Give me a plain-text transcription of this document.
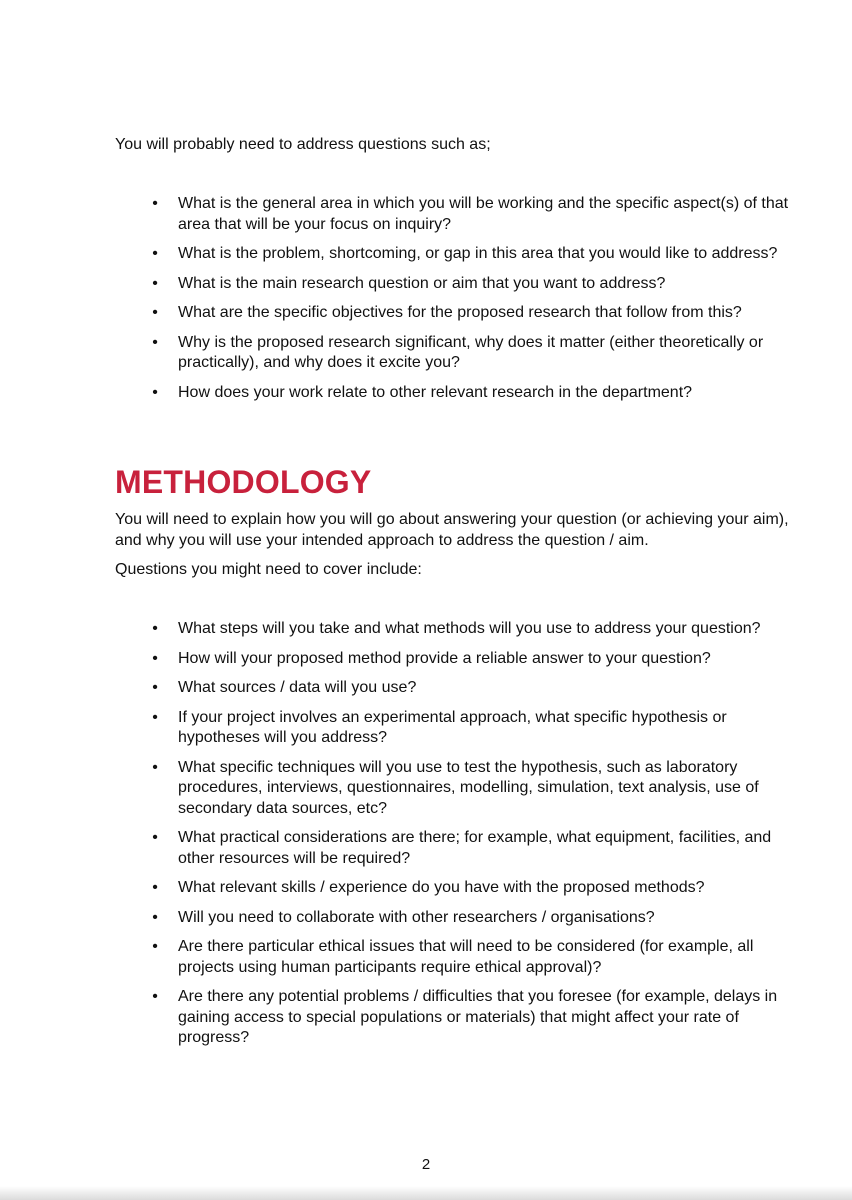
You will probably need to address questions such as;
• What is the general area in which you will be working and the specific aspect(s) of that area that will be your focus on inquiry?
• What is the problem, shortcoming, or gap in this area that you would like to address?
• What is the main research question or aim that you want to address?
• What are the specific objectives for the proposed research that follow from this?
• Why is the proposed research significant, why does it matter (either theoretically or practically), and why does it excite you?
• How does your work relate to other relevant research in the department?
METHODOLOGY

You will need to explain how you will go about answering your question (or achieving your aim), and why you will use your intended approach to address the question / aim.

Questions you might need to cover include:

• What steps will you take and what methods will you use to address your question?
• How will your proposed method provide a reliable answer to your question?
• What sources / data will you use?
• If your project involves an experimental approach, what specific hypothesis or hypotheses will you address?
• What specific techniques will you use to test the hypothesis, such as laboratory procedures, interviews, questionnaires, modelling, simulation, text analysis, use of secondary data sources, etc?
• What practical considerations are there; for example, what equipment, facilities, and other resources will be required?
• What relevant skills / experience do you have with the proposed methods?
• Will you need to collaborate with other researchers / organisations?
• Are there particular ethical issues that will need to be considered (for example, all projects using human participants require ethical approval)?
• Are there any potential problems / difficulties that you foresee (for example, delays in gaining access to special populations or materials) that might affect your rate of progress?
2
